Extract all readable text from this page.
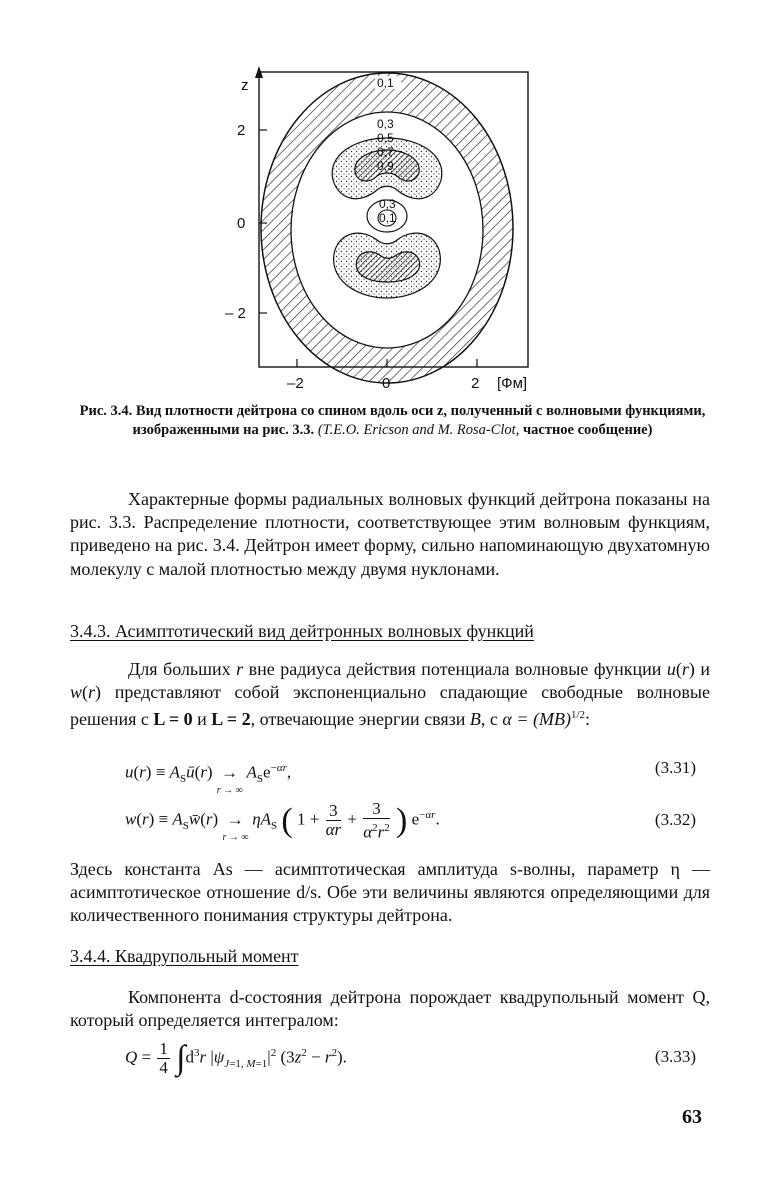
z
2
0
– 2
–2	0	2 [Фм]
0,1
0,3
0,5
0,7
0,9
0,3
0,1
Рис. 3.4. Вид плотности дейтрона со спином вдоль оси z, полученный с волновыми функциями, изображенными на рис. 3.3. (T.E.O. Ericson and M. Rosa-Clot, частное сообщение)
Характерные формы радиальных волновых функций дейтрона показаны на рис. 3.3. Распределение плотности, соответствующее этим волновым функциям, приведено на рис. 3.4. Дейтрон имеет форму, сильно напоминающую двухатомную молекулу с малой плотностью между двумя нуклонами.
3.4.3. Асимптотический вид дейтронных волновых функций
Для больших r вне радиуса действия потенциала волновые функции u(r) и w(r) представляют собой экспоненциально спадающие свободные волновые решения с L = 0 и L = 2, отвечающие энергии связи B, с α = (MB)$^{1/2}$:
$u(r) \equiv A_Sū(r)$  →
r → ∞
$A_Se^{-\alpha r}$,	(3.31)
$w(r) \equiv A_Sw̄(r)$  →
r → ∞
$\eta A_S$ ( $1 + \frac{3}{\alpha r} + \frac{3}{\alpha^2r^2}$ ) $e^{-\alpha r}$.	(3.32)
Здесь константа As — асимптотическая амплитуда s-волны, параметр η — асимптотическое отношение d/s. Обе эти величины являются определяющими для количественного понимания структуры дейтрона.
3.4.4. Квадрупольный момент
Компонента d-состояния дейтрона порождает квадрупольный момент Q, который определяется интегралом:
$Q = \frac{1}{4} \int d^3r$ $|\psi_{J=1, M=1}|^2$ $(3z^2 - r^2)$.	(3.33)
63
